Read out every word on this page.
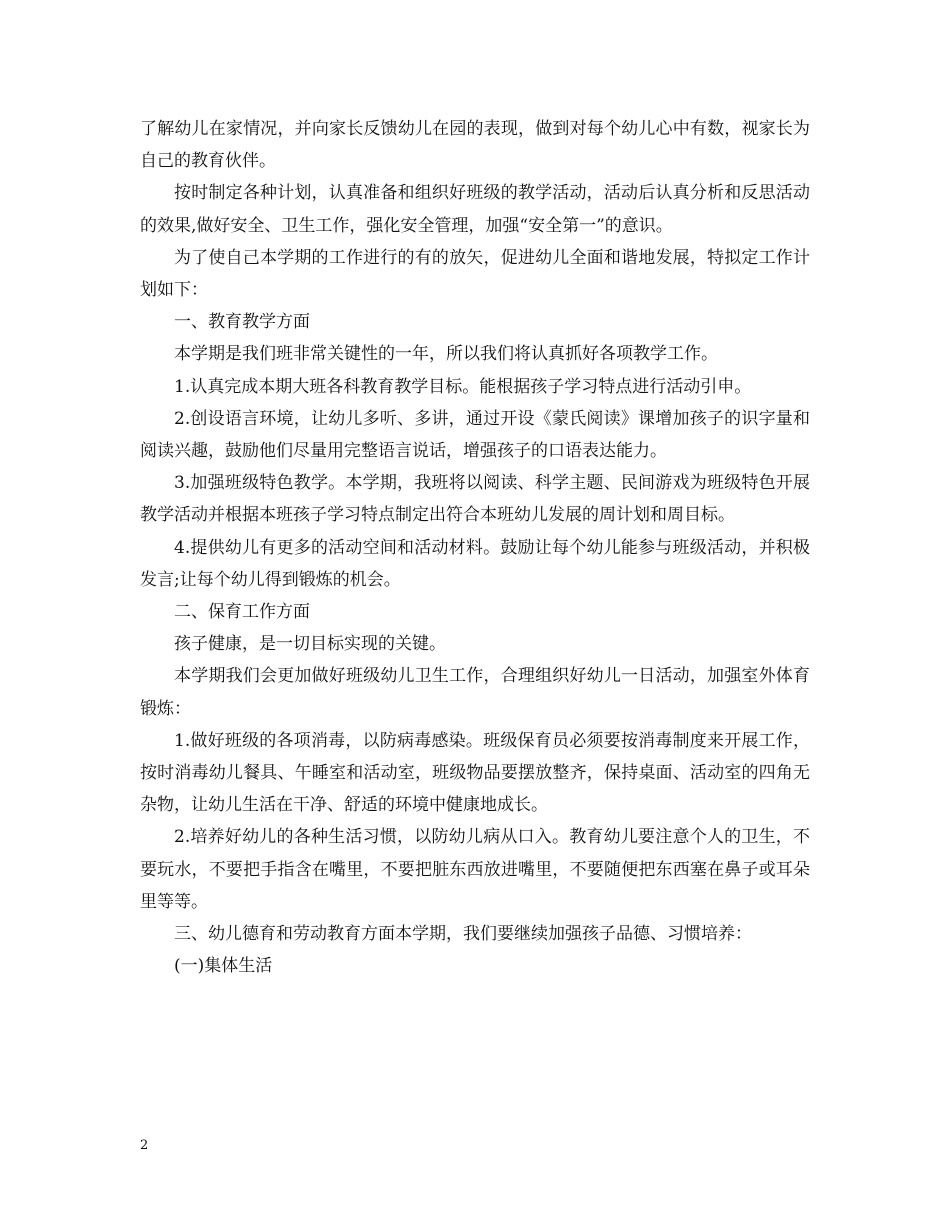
了解幼儿在家情况，并向家长反馈幼儿在园的表现，做到对每个幼儿心中有数，视家长为自己的教育伙伴。

按时制定各种计划，认真准备和组织好班级的教学活动，活动后认真分析和反思活动的效果,做好安全、卫生工作，强化安全管理，加强“安全第一”的意识。

为了使自己本学期的工作进行的有的放矢，促进幼儿全面和谐地发展，特拟定工作计划如下：

一、教育教学方面

本学期是我们班非常关键性的一年，所以我们将认真抓好各项教学工作。

1.认真完成本期大班各科教育教学目标。能根据孩子学习特点进行活动引申。

2.创设语言环境，让幼儿多听、多讲，通过开设《蒙氏阅读》课增加孩子的识字量和阅读兴趣，鼓励他们尽量用完整语言说话，增强孩子的口语表达能力。

3.加强班级特色教学。本学期，我班将以阅读、科学主题、民间游戏为班级特色开展教学活动并根据本班孩子学习特点制定出符合本班幼儿发展的周计划和周目标。

4.提供幼儿有更多的活动空间和活动材料。鼓励让每个幼儿能参与班级活动，并积极发言;让每个幼儿得到锻炼的机会。

二、保育工作方面

孩子健康，是一切目标实现的关键。

本学期我们会更加做好班级幼儿卫生工作，合理组织好幼儿一日活动，加强室外体育锻炼：

1.做好班级的各项消毒，以防病毒感染。班级保育员必须要按消毒制度来开展工作，按时消毒幼儿餐具、午睡室和活动室，班级物品要摆放整齐，保持桌面、活动室的四角无杂物，让幼儿生活在干净、舒适的环境中健康地成长。

2.培养好幼儿的各种生活习惯，以防幼儿病从口入。教育幼儿要注意个人的卫生，不要玩水，不要把手指含在嘴里，不要把脏东西放进嘴里，不要随便把东西塞在鼻子或耳朵里等等。

三、幼儿德育和劳动教育方面本学期，我们要继续加强孩子品德、习惯培养：

(一)集体生活

2
